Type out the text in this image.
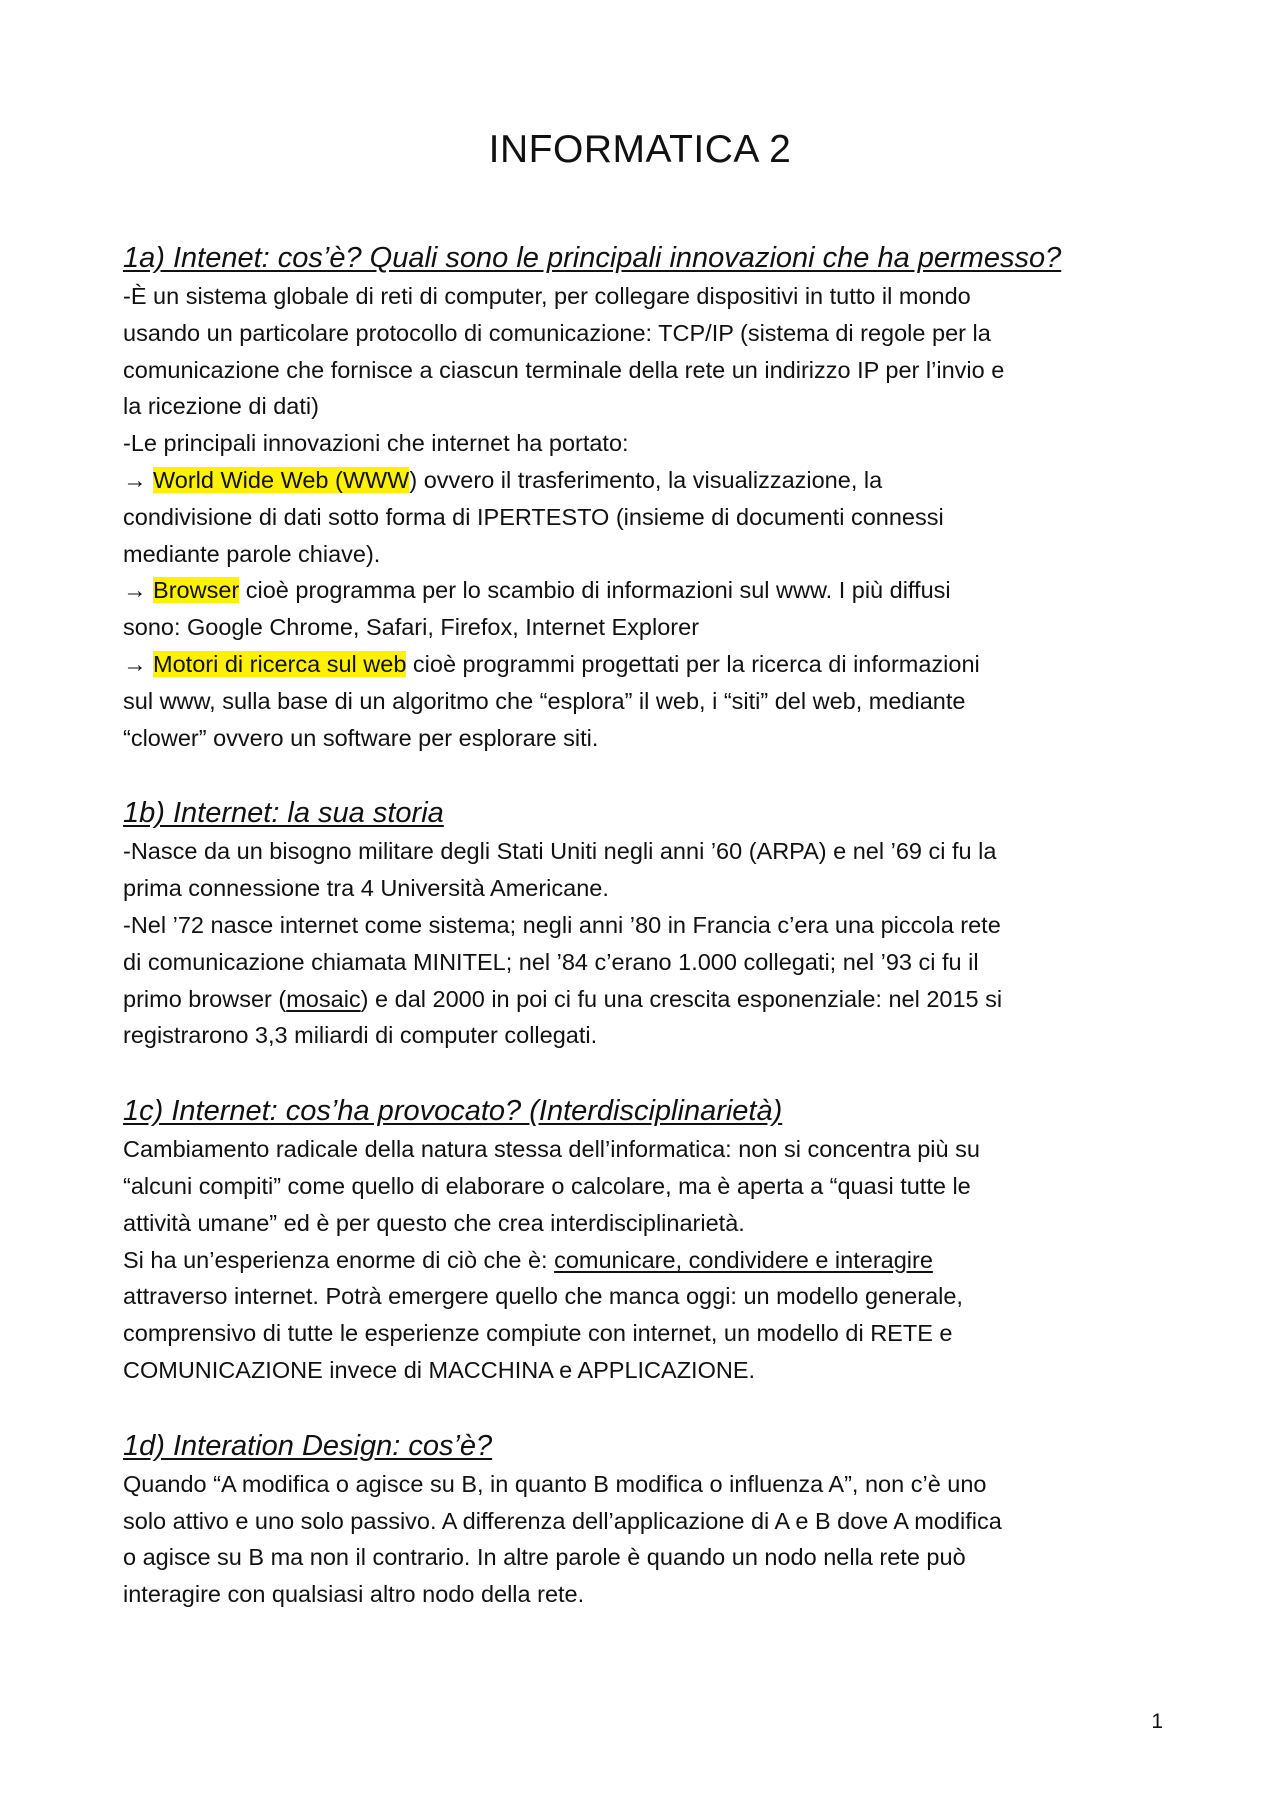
INFORMATICA 2
1a) Intenet: cos’è? Quali sono le principali innovazioni che ha permesso?
-È un sistema globale di reti di computer, per collegare dispositivi in tutto il mondo
usando un particolare protocollo di comunicazione: TCP/IP (sistema di regole per la
comunicazione che fornisce a ciascun terminale della rete un indirizzo IP per l’invio e
la ricezione di dati)
-Le principali innovazioni che internet ha portato:
→ World Wide Web (WWW) ovvero il trasferimento, la visualizzazione, la
condivisione di dati sotto forma di IPERTESTO (insieme di documenti connessi
mediante parole chiave).
→ Browser cioè programma per lo scambio di informazioni sul www. I più diffusi
sono: Google Chrome, Safari, Firefox, Internet Explorer
→ Motori di ricerca sul web cioè programmi progettati per la ricerca di informazioni
sul www, sulla base di un algoritmo che “esplora” il web, i “siti” del web, mediante
“clower” ovvero un software per esplorare siti.
1b) Internet: la sua storia
-Nasce da un bisogno militare degli Stati Uniti negli anni ’60 (ARPA) e nel ’69 ci fu la
prima connessione tra 4 Università Americane.
-Nel ’72 nasce internet come sistema; negli anni ’80 in Francia c’era una piccola rete
di comunicazione chiamata MINITEL; nel ’84 c’erano 1.000 collegati; nel ’93 ci fu il
primo browser (mosaic) e dal 2000 in poi ci fu una crescita esponenziale: nel 2015 si
registrarono 3,3 miliardi di computer collegati.
1c) Internet: cos’ha provocato? (Interdisciplinarietà)
Cambiamento radicale della natura stessa dell’informatica: non si concentra più su
“alcuni compiti” come quello di elaborare o calcolare, ma è aperta a “quasi tutte le
attività umane” ed è per questo che crea interdisciplinarietà.
Si ha un’esperienza enorme di ciò che è: comunicare, condividere e interagire
attraverso internet. Potrà emergere quello che manca oggi: un modello generale,
comprensivo di tutte le esperienze compiute con internet, un modello di RETE e
COMUNICAZIONE invece di MACCHINA e APPLICAZIONE.
1d) Interation Design: cos’è?
Quando “A modifica o agisce su B, in quanto B modifica o influenza A”, non c’è uno
solo attivo e uno solo passivo. A differenza dell’applicazione di A e B dove A modifica
o agisce su B ma non il contrario. In altre parole è quando un nodo nella rete può
interagire con qualsiasi altro nodo della rete.
1
